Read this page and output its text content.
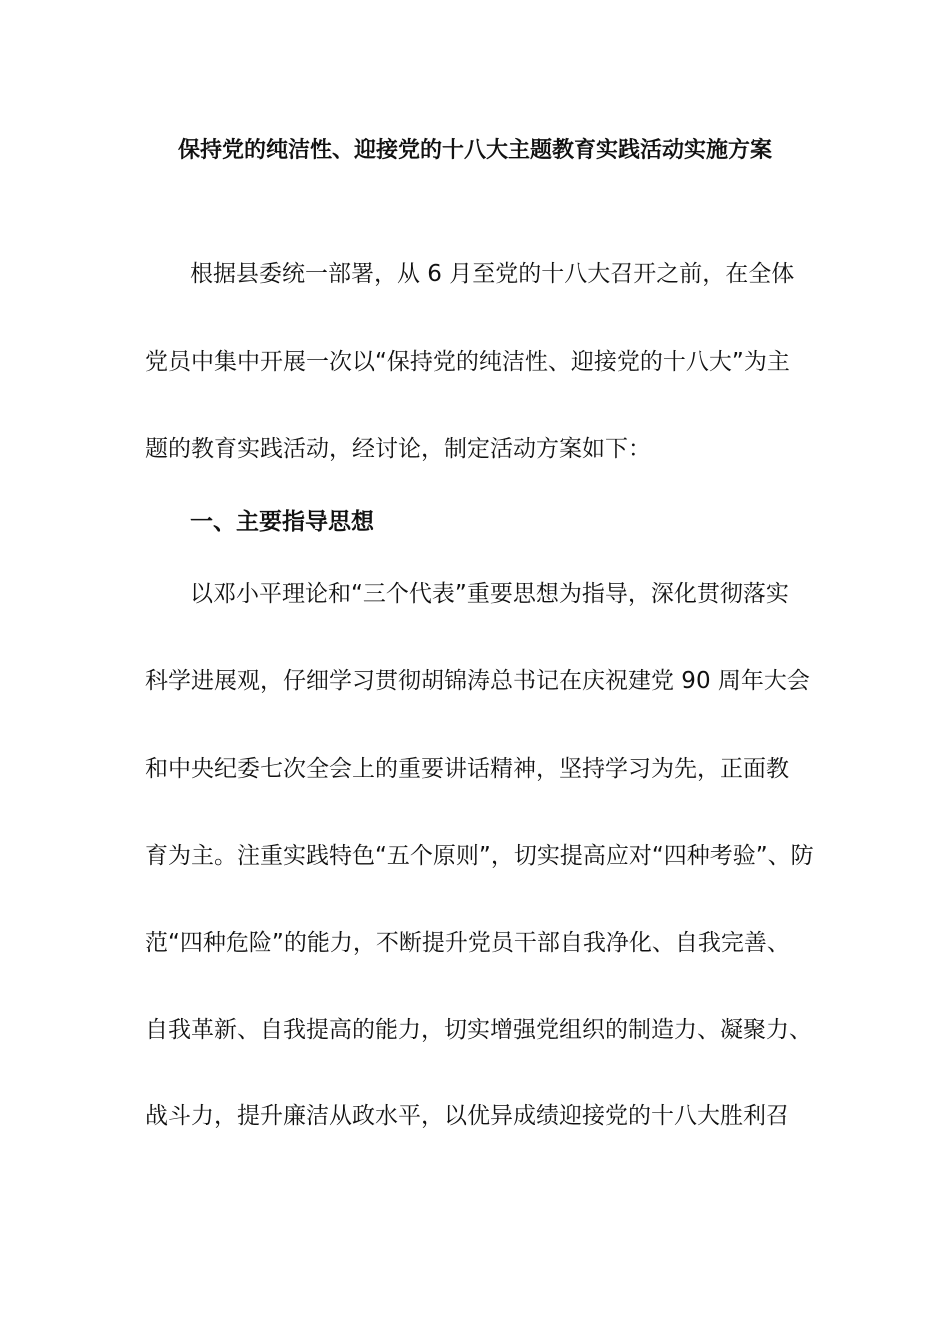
保持党的纯洁性、迎接党的十八大主题教育实践活动实施方案
根据县委统一部署，从 6 月至党的十八大召开之前，在全体
党员中集中开展一次以“保持党的纯洁性、迎接党的十八大”为主
题的教育实践活动，经讨论，制定活动方案如下：
一、主要指导思想
以邓小平理论和“三个代表”重要思想为指导，深化贯彻落实
科学进展观，仔细学习贯彻胡锦涛总书记在庆祝建党 90 周年大会
和中央纪委七次全会上的重要讲话精神，坚持学习为先，正面教
育为主。注重实践特色“五个原则”，切实提高应对“四种考验”、防
范“四种危险”的能力，不断提升党员干部自我净化、自我完善、
自我革新、自我提高的能力，切实增强党组织的制造力、凝聚力、
战斗力，提升廉洁从政水平，以优异成绩迎接党的十八大胜利召
